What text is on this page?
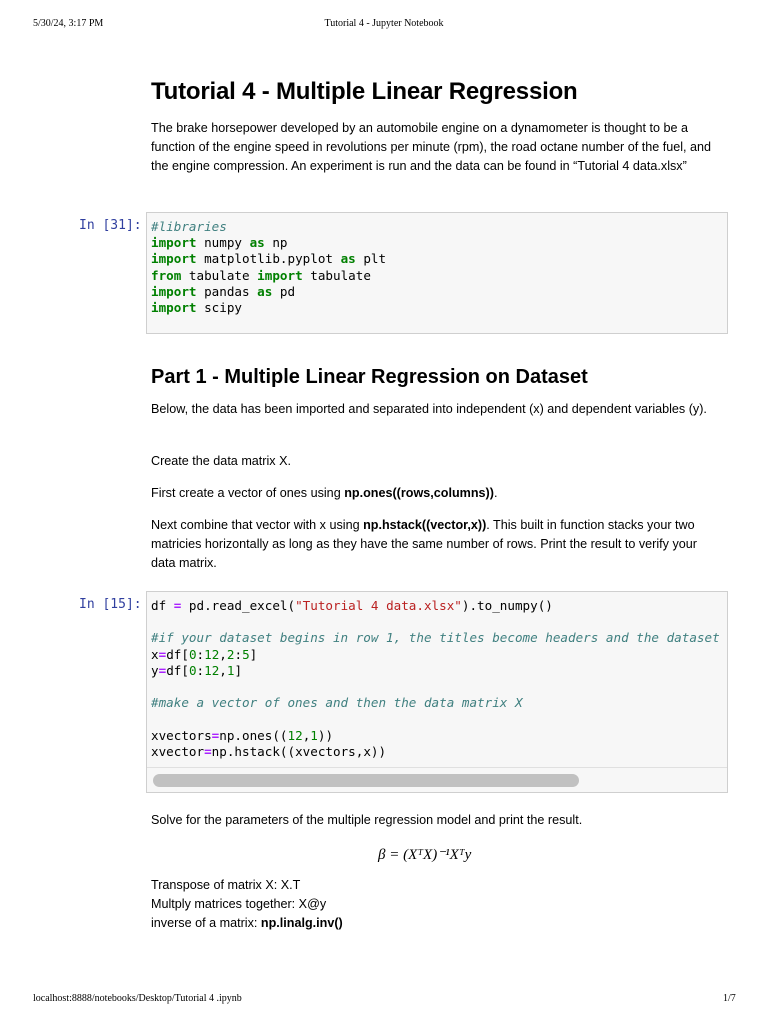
5/30/24, 3:17 PM	Tutorial 4 - Jupyter Notebook
Tutorial 4 - Multiple Linear Regression

The brake horsepower developed by an automobile engine on a dynamometer is thought to be a function of the engine speed in revolutions per minute (rpm), the road octane number of the fuel, and the engine compression. An experiment is run and the data can be found in “Tutorial 4 data.xlsx”

In [31]: #libraries
import numpy as np
import matplotlib.pyplot as plt
from tabulate import tabulate
import pandas as pd
import scipy
Part 1 - Multiple Linear Regression on Dataset

Below, the data has been imported and separated into independent (x) and dependent variables (y).

Create the data matrix X.

First create a vector of ones using np.ones((rows,columns)).

Next combine that vector with x using np.hstack((vector,x)). This built in function stacks your two matricies horizontally as long as they have the same number of rows. Print the result to verify your data matrix.

In [15]: df = pd.read_excel("Tutorial 4 data.xlsx").to_numpy()

#if your dataset begins in row 1, the titles become headers and the dataset
x=df[0:12,2:5]
y=df[0:12,1]

#make a vector of ones and then the data matrix X

xvectors=np.ones((12,1))
xvector=np.hstack((xvectors,x))

Solve for the parameters of the multiple regression model and print the result.

β = (XᵀX)⁻¹Xᵀy

Transpose of matrix X: X.T

Multply matrices together: X@y

inverse of a matrix: np.linalg.inv()

localhost:8888/notebooks/Desktop/Tutorial 4 .ipynb	1/7
